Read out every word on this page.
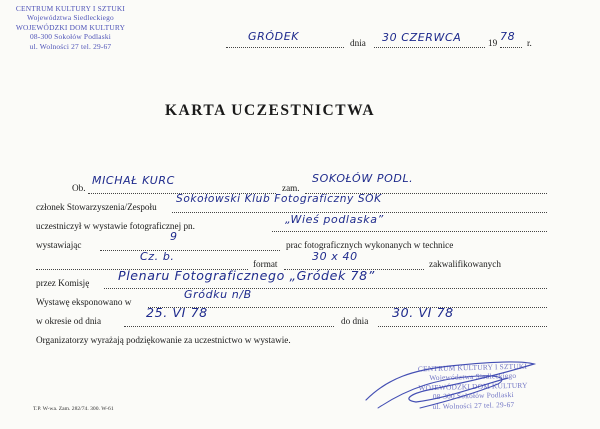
CENTRUM KULTURY I SZTUKI
Województwa Siedleckiego
WOJEWÓDZKI DOM KULTURY
08-300 Sokołów Podlaski
ul. Wolności 27 tel. 29-67
GRÓDEK	dnia 30 CZERWCA	19 78 r.
KARTA UCZESTNICTWA
Ob.
MICHAŁ KURC
zam.
SOKOŁÓW PODL.
członek Stowarzyszenia/Zespołu
Sokołowski Klub Fotograficzny SOK
uczestniczył w wystawie fotograficznej pn.	„Wieś podlaska”
wystawiając
9
prac fotograficznych wykonanych w technice
Cz. b.
format
30 x 40
zakwalifikowanych
przez Komisję Plenaru Fotograficznego „Gródek 78”
Wystawę eksponowano w
Gródku n/B
w okresie od dnia
25. VI 78
do dnia
30. VI 78
Organizatorzy wyrażają podziękowanie za uczestnictwo w wystawie.
CENTRUM KULTURY I SZTUKI
Województwa Siedleckiego
WOJEWÓDZKI DOM KULTURY
08-300 Sokołów Podlaski
ul. Wolności 27 tel. 29-67
T.P. W-wa. Zam. 282/74. 300. W-61
